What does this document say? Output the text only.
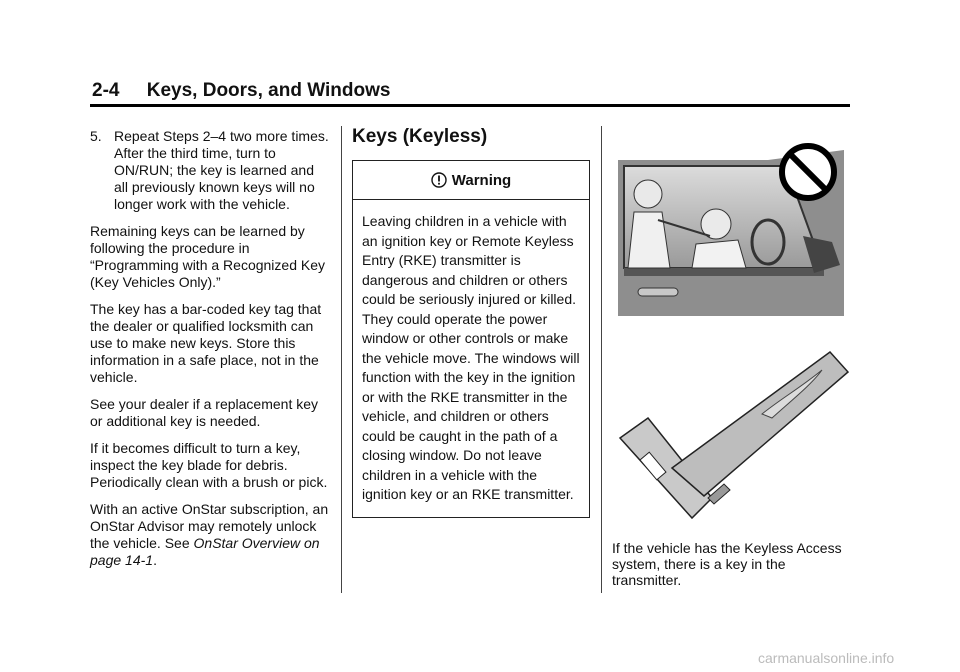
2-4 Keys, Doors, and Windows
5. Repeat Steps 2–4 two more times. After the third time, turn to ON/RUN; the key is learned and all previously known keys will no longer work with the vehicle.

Remaining keys can be learned by following the procedure in “Programming with a Recognized Key (Key Vehicles Only).”

The key has a bar-coded key tag that the dealer or qualified locksmith can use to make new keys. Store this information in a safe place, not in the vehicle.

See your dealer if a replacement key or additional key is needed.

If it becomes difficult to turn a key, inspect the key blade for debris. Periodically clean with a brush or pick.

With an active OnStar subscription, an OnStar Advisor may remotely unlock the vehicle. See OnStar Overview on page 14-1.

Keys (Keyless)
Warning
Leaving children in a vehicle with an ignition key or Remote Keyless Entry (RKE) transmitter is dangerous and children or others could be seriously injured or killed. They could operate the power window or other controls or make the vehicle move. The windows will function with the key in the ignition or with the RKE transmitter in the vehicle, and children or others could be caught in the path of a closing window. Do not leave children in a vehicle with the ignition key or an RKE transmitter.
If the vehicle has the Keyless Access system, there is a key in the transmitter.
carmanualsonline.info
